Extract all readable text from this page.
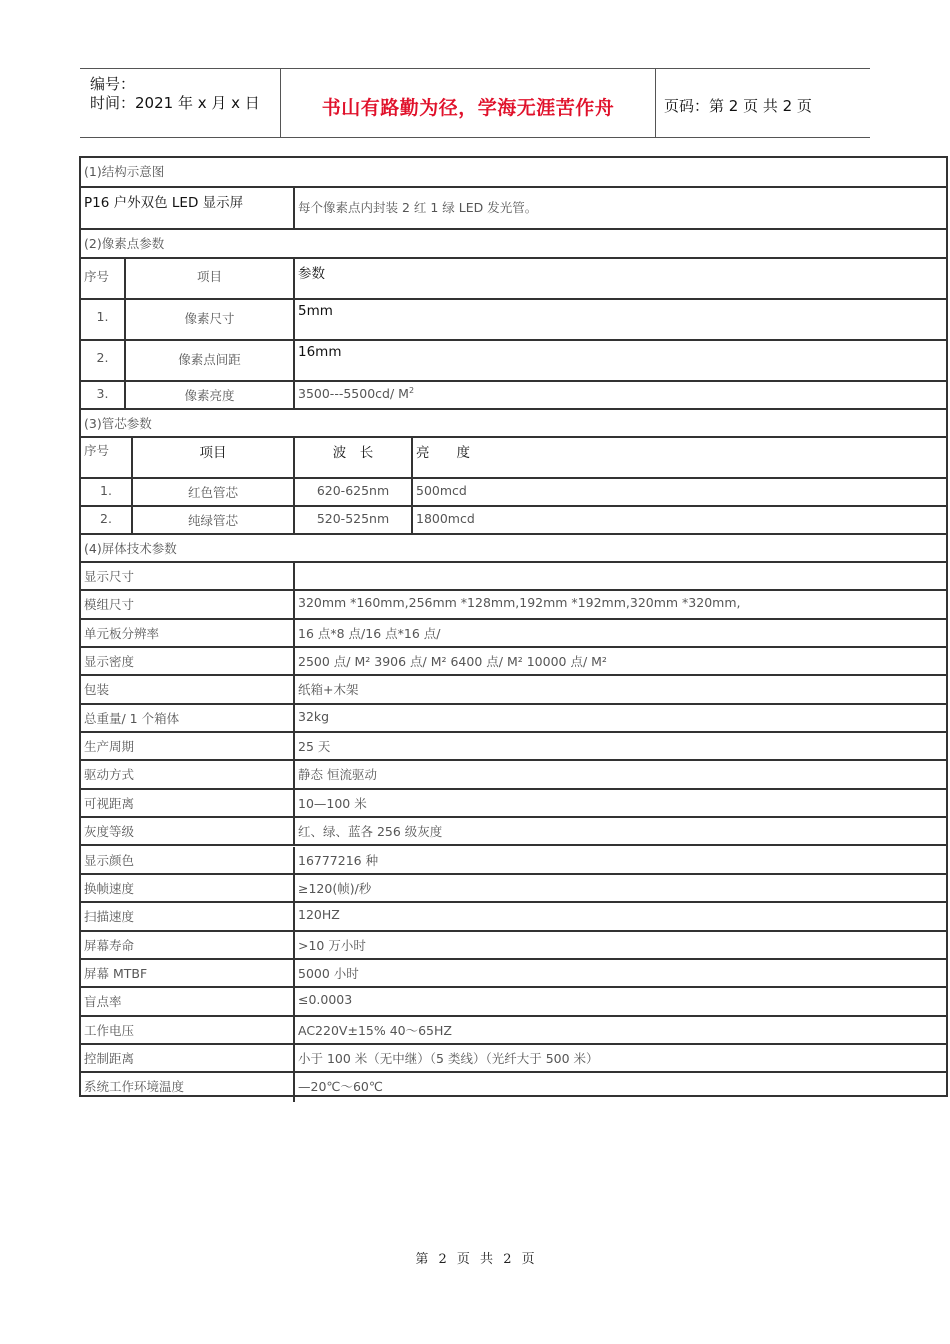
编号：
时间：2021 年 x 月 x 日	书山有路勤为径，学海无涯苦作舟	页码：第 2 页 共 2 页
(1)结构示意图
P16 户外双色 LED 显示屏	每个像素点内封装 2 红 1 绿 LED 发光管。
(2)像素点参数
序号	项目	参数
1.	像素尺寸	5mm
2.	像素点间距	16mm
3.	像素亮度	3500---5500cd/ $M^2$
(3)管芯参数
序号	项目	波　长	亮　　度
1.	红色管芯	620-625nm	500mcd
2.	纯绿管芯	520-525nm	1800mcd
(4)屏体技术参数
显示尺寸
模组尺寸	320mm *160mm,256mm *128mm,192mm *192mm,320mm *320mm,
单元板分辨率	16 点*8 点/16 点*16 点/
显示密度	2500 点/ M² 3906 点/ M² 6400 点/ M² 10000 点/ M²
包装	纸箱+木架
总重量/ 1 个箱体	32kg
生产周期	25 天
驱动方式	静态 恒流驱动
可视距离	10—100 米
灰度等级	红、绿、蓝各 256 级灰度
显示颜色	16777216 种
换帧速度	≥120(帧)/秒
扫描速度	120HZ
屏幕寿命	>10 万小时
屏幕 MTBF	5000 小时
盲点率	≤0.0003
工作电压	AC220V±15% 40～65HZ
控制距离	小于 100 米（无中继）（5 类线）（光纤大于 500 米）
系统工作环境温度	—20℃～60℃
第 2 页 共 2 页
